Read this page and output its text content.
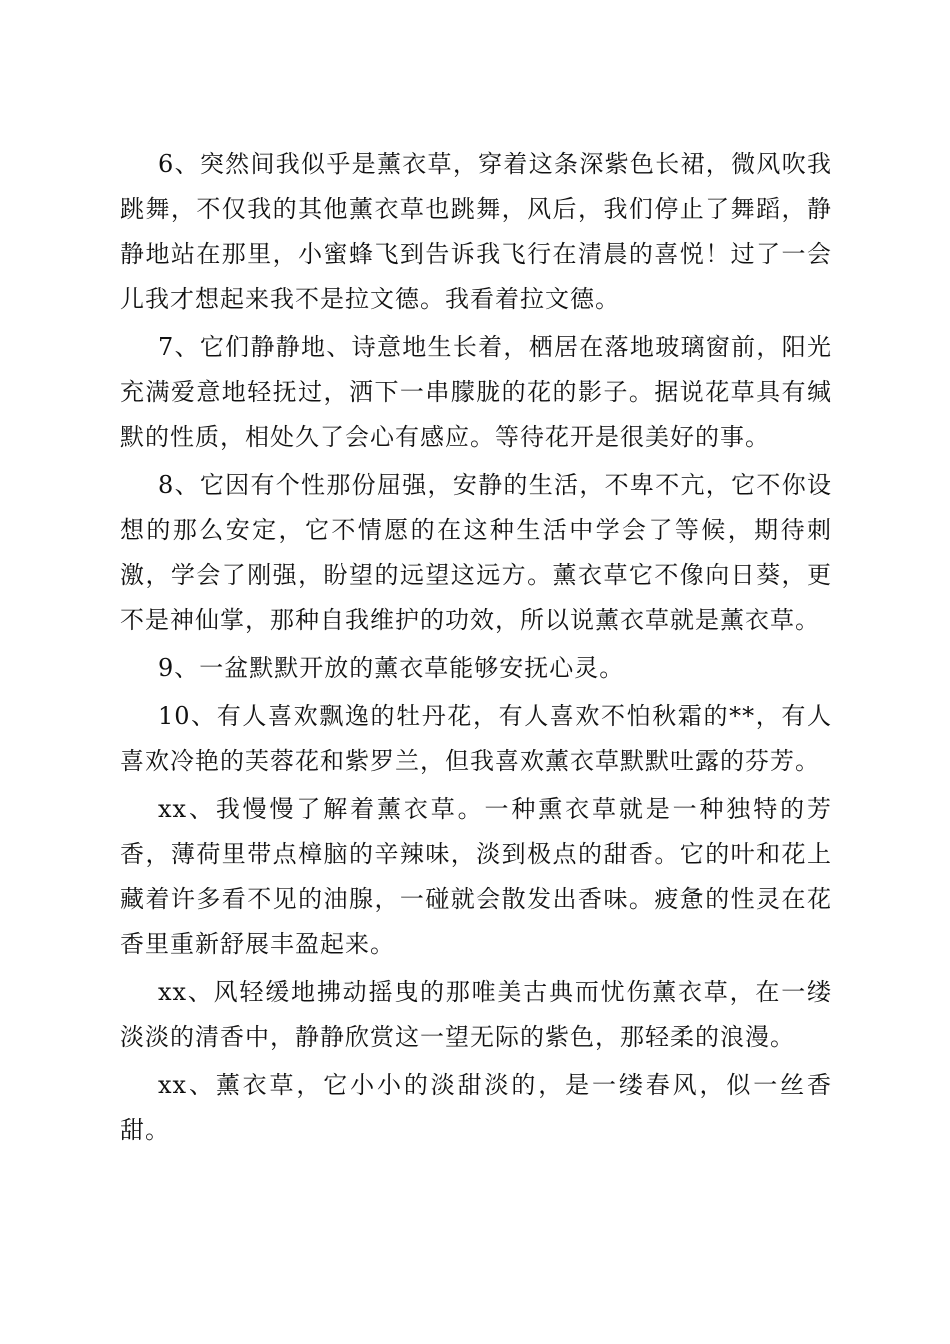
6、突然间我似乎是薰衣草，穿着这条深紫色长裙，微风吹我跳舞，不仅我的其他薰衣草也跳舞，风后，我们停止了舞蹈，静静地站在那里，小蜜蜂飞到告诉我飞行在清晨的喜悦！过了一会儿我才想起来我不是拉文德。我看着拉文德。

7、它们静静地、诗意地生长着，栖居在落地玻璃窗前，阳光充满爱意地轻抚过，洒下一串朦胧的花的影子。据说花草具有缄默的性质，相处久了会心有感应。等待花开是很美好的事。

8、它因有个性那份屈强，安静的生活，不卑不亢，它不你设想的那么安定，它不情愿的在这种生活中学会了等候，期待刺激，学会了刚强，盼望的远望这远方。薰衣草它不像向日葵，更不是神仙掌，那种自我维护的功效，所以说薰衣草就是薰衣草。

9、一盆默默开放的薰衣草能够安抚心灵。

10、有人喜欢飘逸的牡丹花，有人喜欢不怕秋霜的**，有人喜欢冷艳的芙蓉花和紫罗兰，但我喜欢薰衣草默默吐露的芬芳。

xx、我慢慢了解着薰衣草。一种熏衣草就是一种独特的芳香，薄荷里带点樟脑的辛辣味，淡到极点的甜香。它的叶和花上藏着许多看不见的油腺，一碰就会散发出香味。疲惫的性灵在花香里重新舒展丰盈起来。

xx、风轻缓地拂动摇曳的那唯美古典而忧伤薰衣草，在一缕淡淡的清香中，静静欣赏这一望无际的紫色，那轻柔的浪漫。

xx、薰衣草，它小小的淡甜淡的，是一缕春风，似一丝香甜。
